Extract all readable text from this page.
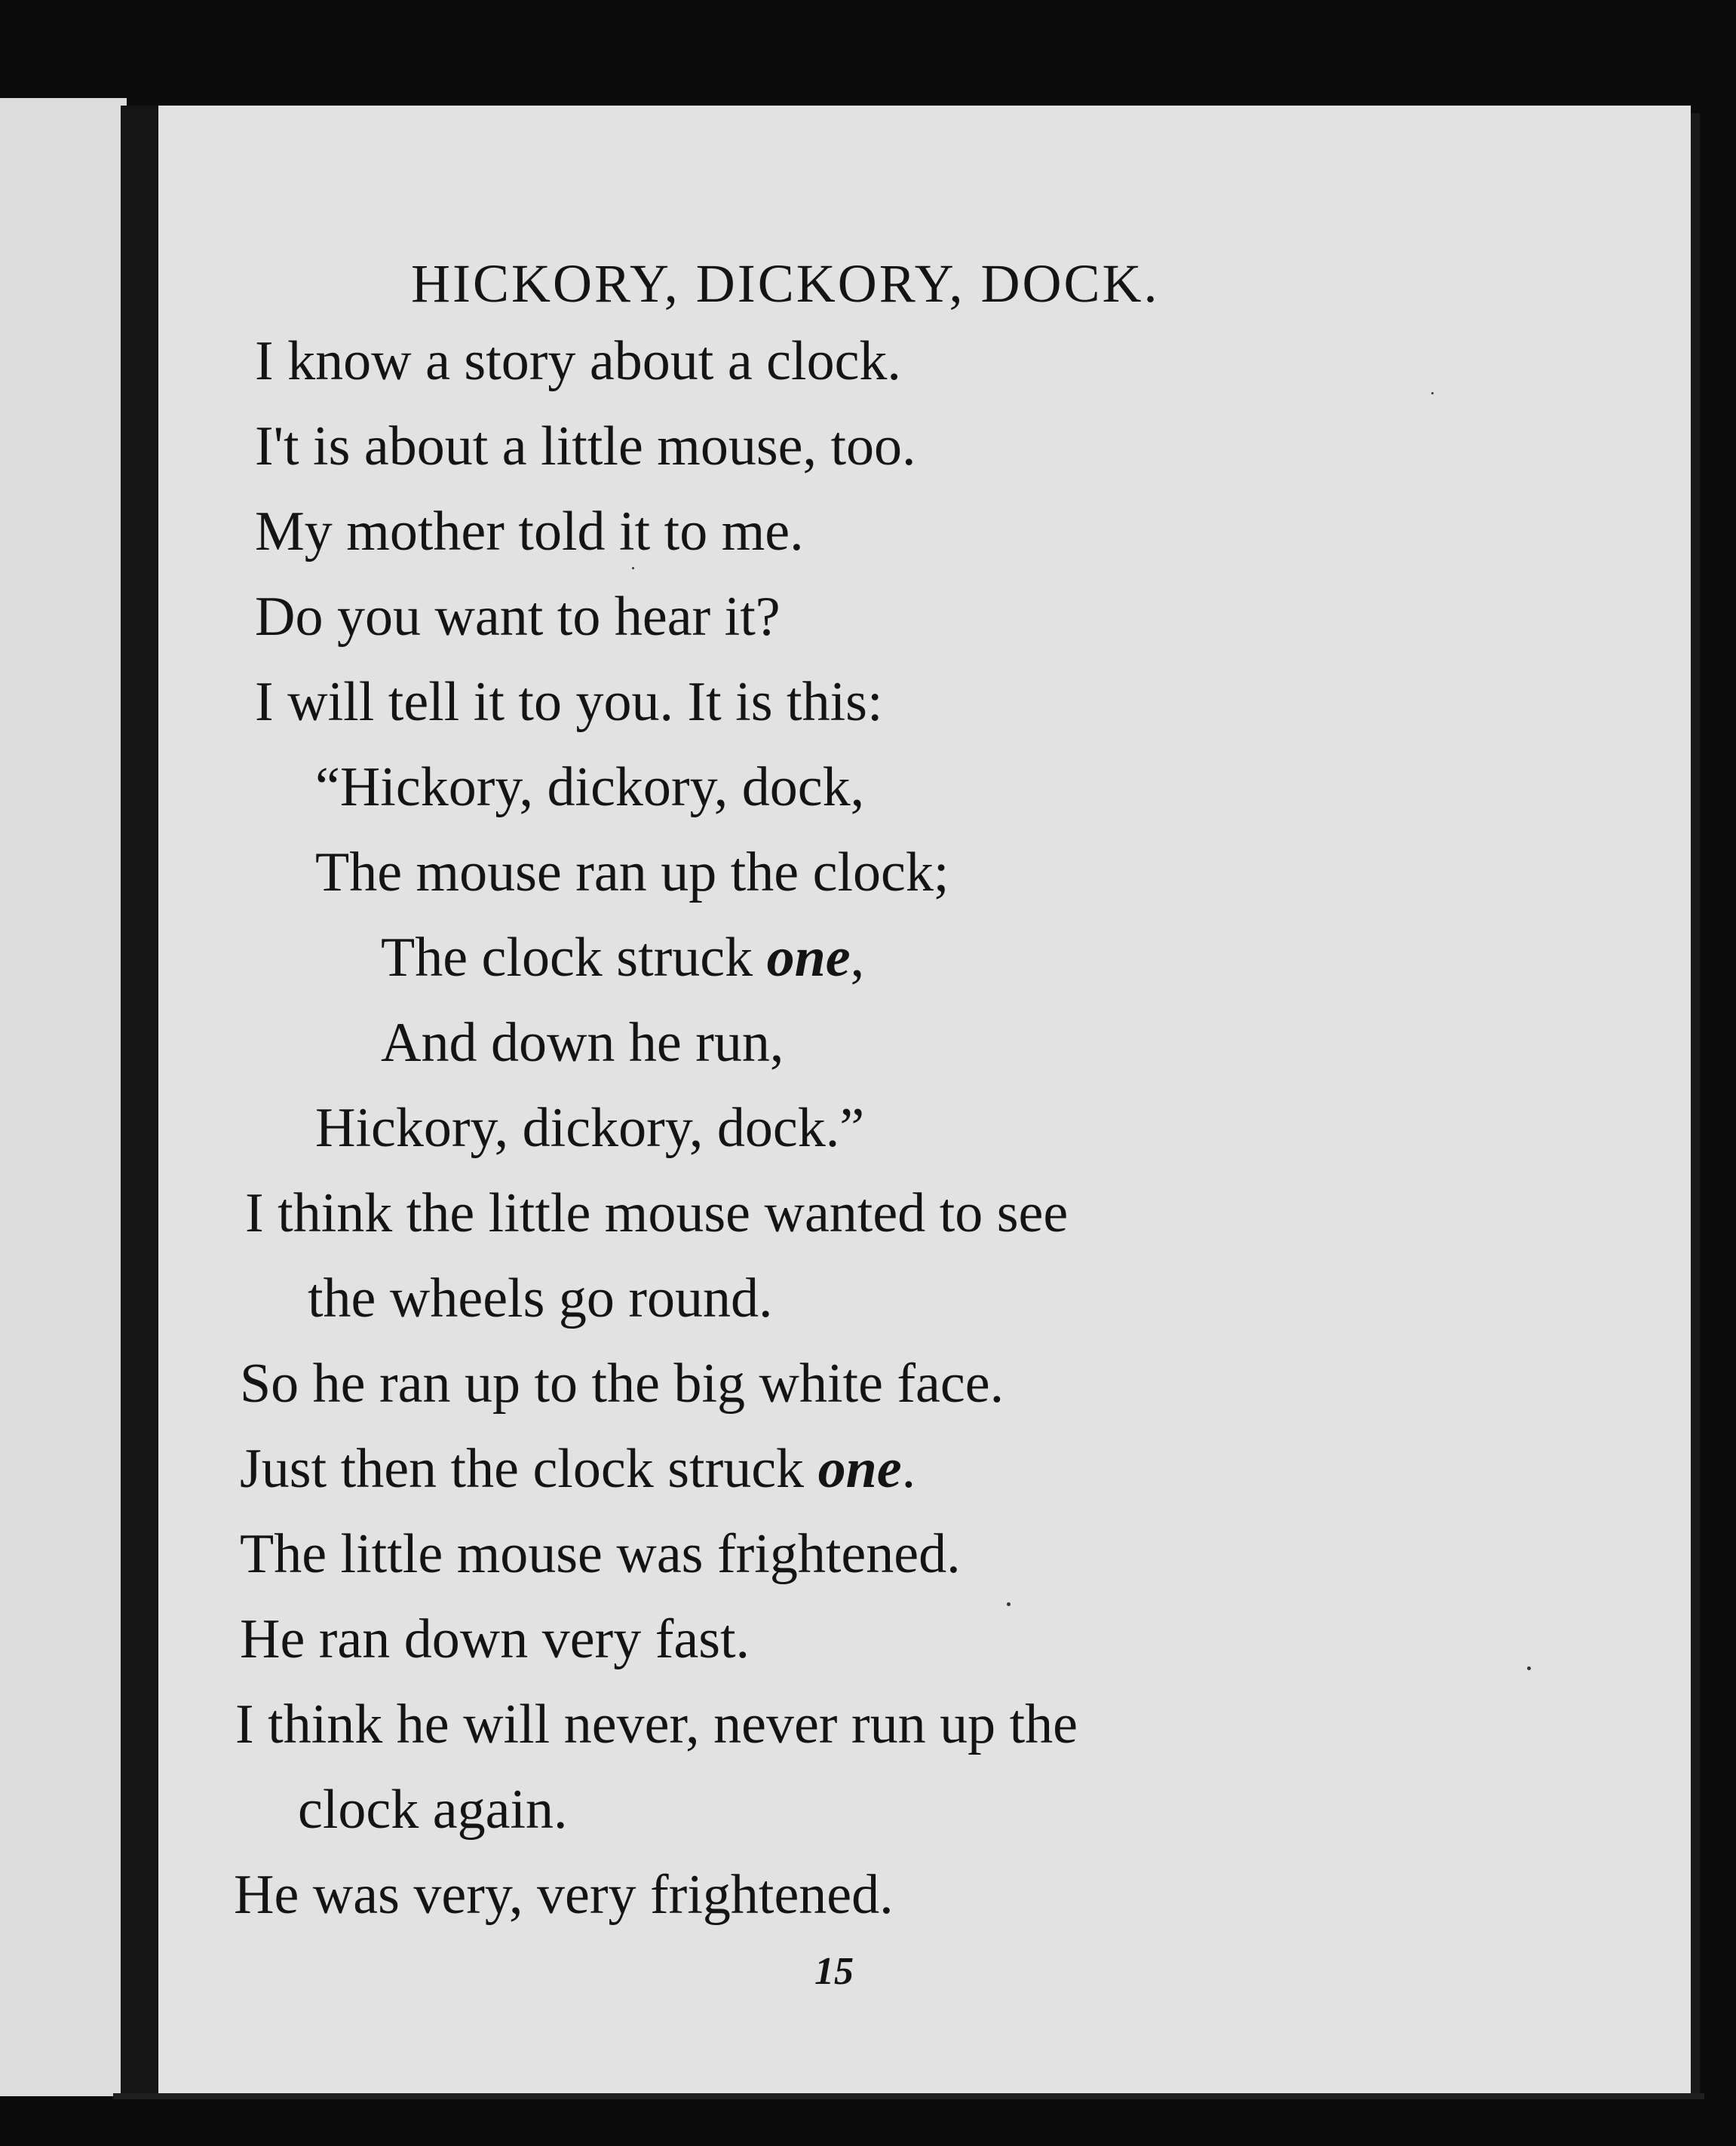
HICKORY, DICKORY, DOCK.
I know a story about a clock.
I't is about a little mouse, too.
My mother told it to me.
Do you want to hear it?
I will tell it to you. It is this:
“Hickory, dickory, dock,
The mouse ran up the clock;
The clock struck one,
And down he run,
Hickory, dickory, dock.”
I think the little mouse wanted to see
the wheels go round.
So he ran up to the big white face.
Just then the clock struck one.
The little mouse was frightened.
He ran down very fast.
I think he will never, never run up the
clock again.
He was very, very frightened.
15
